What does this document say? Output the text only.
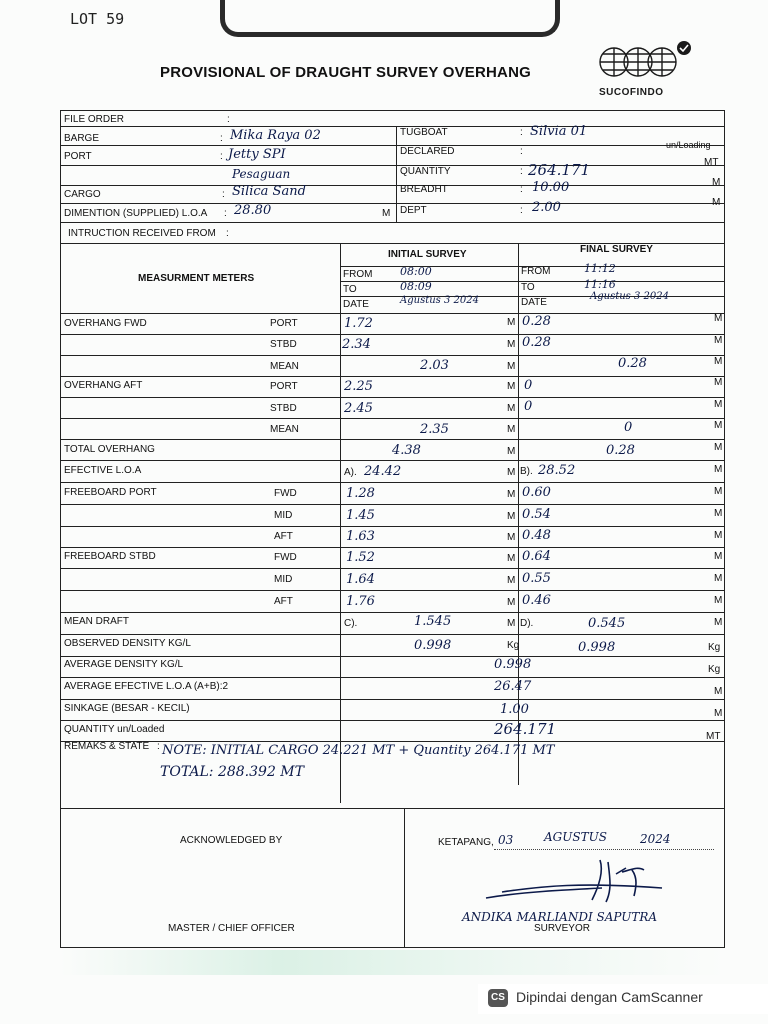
LOT 59
PROVISIONAL OF DRAUGHT SURVEY OVERHANG
SUCOFINDO
FILE ORDER	:
BARGE	: Mika Raya 02
PORT	: Jetty SPI
Pesaguan
CARGO	: Silica Sand
DIMENTION (SUPPLIED) L.O.A : 28.80	M
TUGBOAT	: Silvia 01
DECLARED	:
un/Loading
QUANTITY	: 264.171	MT
BREADHT	: 10.00	M
DEPT	: 2.00	M
INTRUCTION RECEIVED FROM :
MEASURMENT METERS
INITIAL SURVEY	FINAL SURVEY
FROM	08:00
TO	08:09
DATE	Agustus 3 2024
FROM	11:12
TO	11:16
DATE
Agustus 3 2024
OVERHANG FWD	PORT	1.72	M 0.28	M
STBD	2.34	M 0.28	M
MEAN	2.03	M	0.28	M
OVERHANG AFT	PORT	2.25	M 0	M
STBD	2.45	M 0	M
MEAN	2.35	M	0	M
TOTAL OVERHANG	4.38	M	0.28	M
EFECTIVE L.O.A	A). 24.42	M B). 28.52	M
FREEBOARD PORT	FWD	1.28	M 0.60	M
MID	1.45	M 0.54	M
AFT	1.63	M 0.48	M
FREEBOARD STBD	FWD	1.52	M 0.64	M
MID	1.64	M 0.55	M
AFT	1.76	M 0.46	M
MEAN DRAFT	C).	1.545	M D).	0.545	M
OBSERVED DENSITY KG/L	0.998	Kg	0.998	Kg
AVERAGE DENSITY KG/L	0.998	Kg
AVERAGE EFECTIVE L.O.A (A+B):2	26.47	M
SINKAGE (BESAR - KECIL)	1.00	M
QUANTITY un/Loaded	264.171	MT
REMAKS & STATE : NOTE: INITIAL CARGO 24.221 MT + Quantity 264.171 MT
TOTAL: 288.392 MT
ACKNOWLEDGED BY
MASTER / CHIEF OFFICER
KETAPANG, 03	AGUSTUS	2024
ANDIKA MARLIANDI SAPUTRA
SURVEYOR
CS Dipindai dengan CamScanner
